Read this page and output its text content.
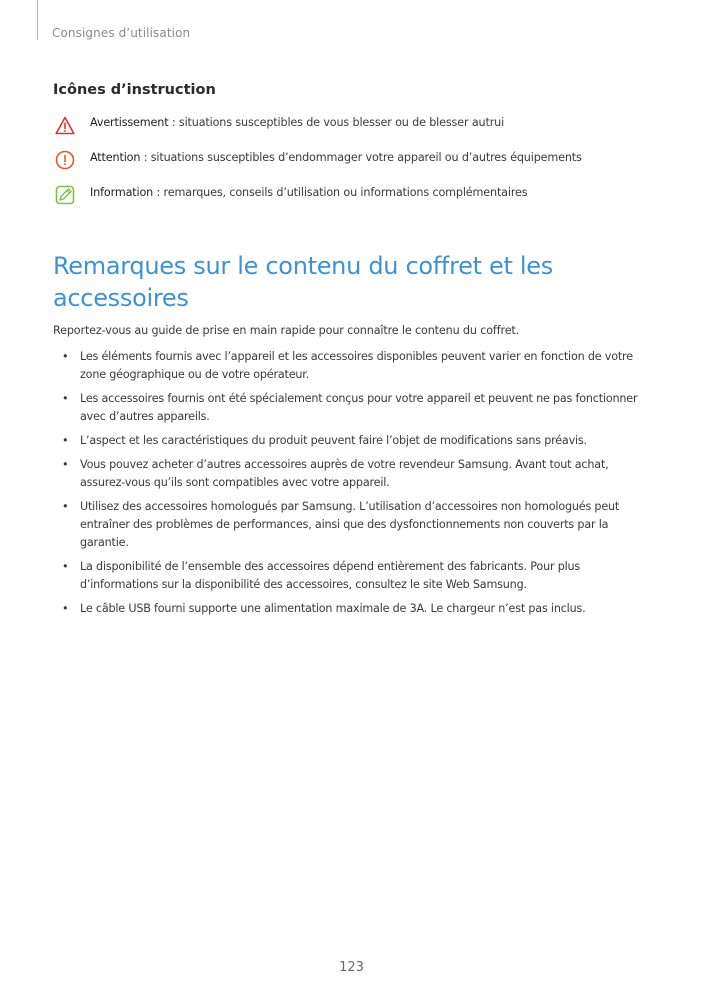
Consignes d’utilisation
Icônes d’instruction
Avertissement : situations susceptibles de vous blesser ou de blesser autrui
Attention : situations susceptibles d’endommager votre appareil ou d’autres équipements
Information : remarques, conseils d’utilisation ou informations complémentaires
Remarques sur le contenu du coffret et les accessoires

Reportez-vous au guide de prise en main rapide pour connaître le contenu du coffret.

• Les éléments fournis avec l’appareil et les accessoires disponibles peuvent varier en fonction de votre zone géographique ou de votre opérateur.
• Les accessoires fournis ont été spécialement conçus pour votre appareil et peuvent ne pas fonctionner avec d’autres appareils.
• L’aspect et les caractéristiques du produit peuvent faire l’objet de modifications sans préavis.
• Vous pouvez acheter d’autres accessoires auprès de votre revendeur Samsung. Avant tout achat, assurez-vous qu’ils sont compatibles avec votre appareil.
• Utilisez des accessoires homologués par Samsung. L’utilisation d’accessoires non homologués peut entraîner des problèmes de performances, ainsi que des dysfonctionnements non couverts par la garantie.
• La disponibilité de l’ensemble des accessoires dépend entièrement des fabricants. Pour plus d’informations sur la disponibilité des accessoires, consultez le site Web Samsung.
• Le câble USB fourni supporte une alimentation maximale de 3A. Le chargeur n’est pas inclus.
123
